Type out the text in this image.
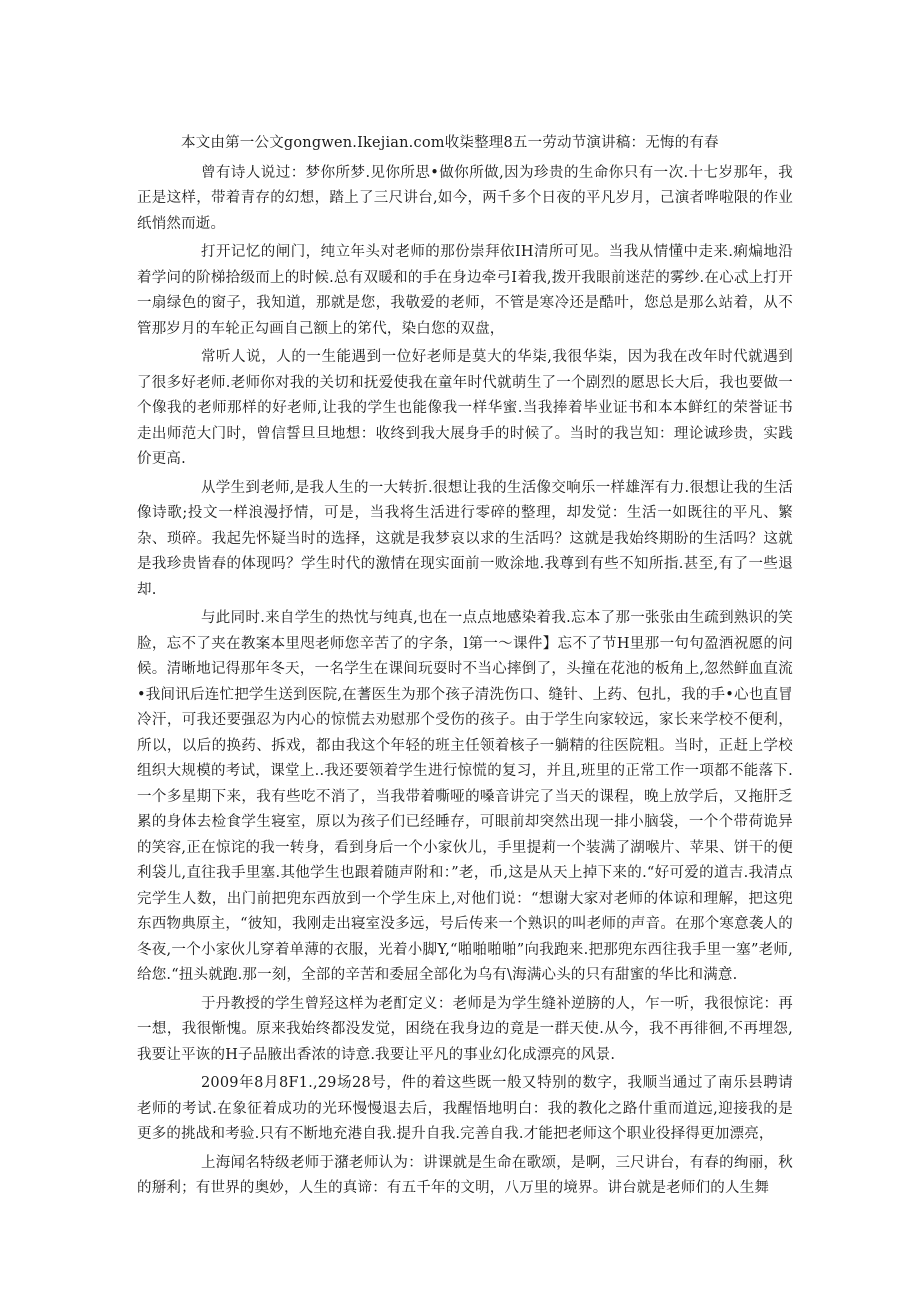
本文由第一公文gongwen.Ikejian.com收柒整理8五一劳动节演讲稿：无悔的有春

曾有诗人说过：梦你所梦.见你所思•做你所做,因为珍贵的生命你只有一次.十七岁那年，我正是这样，带着青存的幻想，踏上了三尺讲台,如今，两千多个日夜的平凡岁月，己演者哗啦限的作业纸悄然而逝。

打开记忆的闸门，纯立年头对老师的那份崇拜依IH清所可见。当我从情懂中走来.痢煸地沿着学问的阶梯拾级而上的时候.总有双暖和的手在身边牵弓I着我,拨开我眼前迷茫的雾纱.在心忒上打开一扇绿色的窗子，我知道，那就是您，我敬爱的老师，不管是寒冷还是酷叶，您总是那么站着，从不管那岁月的车轮正勾画自己额上的笫代，染白您的双盘，

常听人说，人的一生能遇到一位好老师是莫大的华柒,我很华柒，因为我在改年时代就遇到了很多好老师.老师你对我的关切和抚爱使我在童年时代就萌生了一个剧烈的愿思长大后，我也要做一个像我的老师那样的好老师,让我的学生也能像我一样华蜜.当我捧着毕业证书和本本鲜红的荣誉证书走出师范大门时，曾信誓旦旦地想：收终到我大展身手的时候了。当时的我岂知：理论诚珍贵，实践价更高.

从学生到老师,是我人生的一大转折.很想让我的生活像交响乐一样雄浑有力.很想让我的生活像诗歌;投文一样浪漫抒情，可是，当我将生活进行零碎的整理，却发觉：生活一如既往的平凡、繁杂、琐碎。我起先怀疑当时的选择，这就是我梦哀以求的生活吗？这就是我始终期盼的生活吗？这就是我珍贵皆春的体现吗？学生时代的激情在现实面前一败涂地.我尊到有些不知所指.甚至,有了一些退却.

与此同时.来自学生的热忱与纯真,也在一点点地感染着我.忘本了那一张张由生疏到熟识的笑脸，忘不了夹在教案本里咫老师您辛苦了的字条，l第一〜课件】忘不了节H里那一句句盈酒祝愿的问候。清晰地记得那年冬天，一名学生在课间玩耍时不当心摔倒了，头撞在花池的板角上,忽然鲜血直流•我间讯后连忙把学生送到医院,在蓍医生为那个孩子清洗伤口、缝针、上药、包扎，我的手•心也直冒冷汗，可我还要强忍为内心的惊慌去劝慰那个受伤的孩子。由于学生向家较远，家长来学校不便利，所以，以后的换药、拆戏，都由我这个年轻的班主任领着核子一躺精的往医院粗。当时，正赶上学校组织大规模的考试，课堂上..我还要领着学生进行惊慌的复习，并且,班里的正常工作一项都不能落下.一个多星期下来，我有些吃不消了，当我带着嘶哑的嗓音讲完了当天的课程，晚上放学后，又拖肝乏累的身体去检食学生寝室，原以为孩子们已经睡存，可眼前却突然出现一排小脑袋，一个个带荷诡异的笑容,正在惊诧的我一转身，看到身后一个小家伙儿，手里提莉一个装满了湖喉片、苹果、饼干的便利袋儿,直往我手里塞.其他学生也跟着随声附和：”老，币,这是从天上掉下来的.“好可爱的道吉.我清点完学生人数，出门前把兜东西放到一个学生床上,对他们说：“想谢大家对老师的体谅和理解，把这兜东西物典原主，“彼知，我刚走出寝室没多远，号后传来一个熟识的叫老师的声音。在那个寒意袭人的冬夜,一个小家伙儿穿着单薄的衣服，光着小脚Y,“啪啪啪啪”向我跑来.把那兜东西往我手里一塞”老师,给您.“扭头就跑.那一刻，全部的辛苦和委屈全部化为乌有\海满心头的只有甜蜜的华比和满意.

于丹教授的学生曾羟这样为老酊定义：老师是为学生缝补逆膀的人，乍一听，我很惊诧：再一想，我很惭愧。原来我始终都没发觉，困绕在我身边的竟是一群天使.从今，我不再徘徊,不再埋怨,我要让平诙的H子品腋出香浓的诗意.我要让平凡的事业幻化成漂亮的风景.

2009年8月8F1.,29场28号，件的着这些既一般又特别的数字，我顺当通过了南乐县聘请老师的考试.在象征着成功的光环慢慢退去后，我醒悟地明白：我的教化之路什重而道远,迎接我的是更多的挑战和考验.只有不断地充港自我.提升自我.完善自我.才能把老师这个职业役择得更加漂亮，

上海闻名特级老师于潴老师认为：讲课就是生命在歌颂，是啊，三尺讲台，有春的绚丽，秋的掰利；有世界的奥妙，人生的真谛：有五千年的文明，八万里的境界。讲台就是老师们的人生舞
